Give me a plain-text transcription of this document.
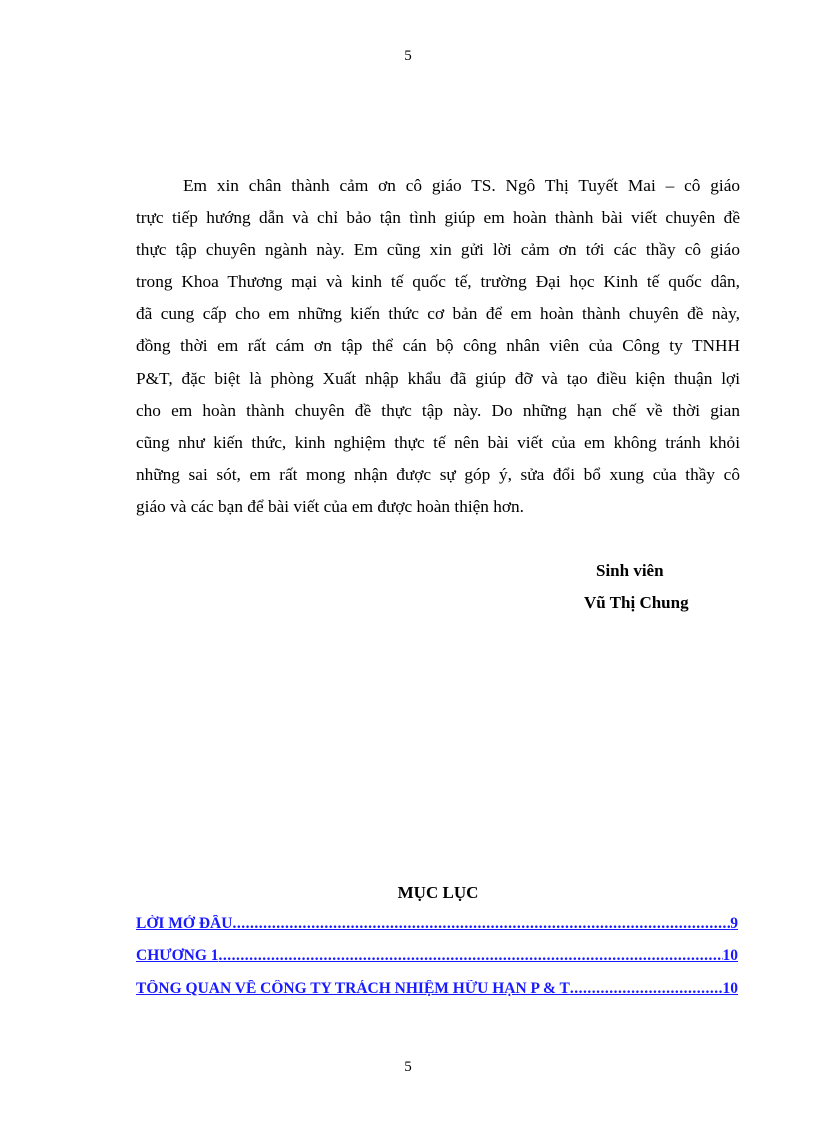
5
Em xin chân thành cảm ơn cô giáo TS. Ngô Thị Tuyết Mai – cô giáo
trực tiếp hướng dẫn và chỉ bảo tận tình giúp em hoàn thành bài viết chuyên đề
thực tập chuyên ngành này. Em cũng xin gửi lời cảm ơn tới các thầy cô giáo
trong Khoa Thương mại và kinh tế quốc tế, trường Đại học Kinh tế quốc dân,
đã cung cấp cho em những kiến thức cơ bản để em hoàn thành chuyên đề này,
đồng thời em rất cám ơn tập thể cán bộ công nhân viên của Công ty TNHH
P&T, đặc biệt là phòng Xuất nhập khẩu đã giúp đỡ và tạo điều kiện thuận lợi
cho em hoàn thành chuyên đề thực tập này. Do những hạn chế về thời gian
cũng như kiến thức, kinh nghiệm thực tế nên bài viết của em không tránh khỏi
những sai sót, em rất mong nhận được sự góp ý, sửa đổi bổ xung của thầy cô
giáo và các bạn để bài viết của em được hoàn thiện hơn.
Sinh viên
Vũ Thị Chung
MỤC LỤC
LỜI MỞ ĐẦU .....	9
CHƯƠNG 1 .....	10
TỔNG QUAN VỀ CÔNG TY TRÁCH NHIỆM HỮU HẠN P & T .....	10
5
